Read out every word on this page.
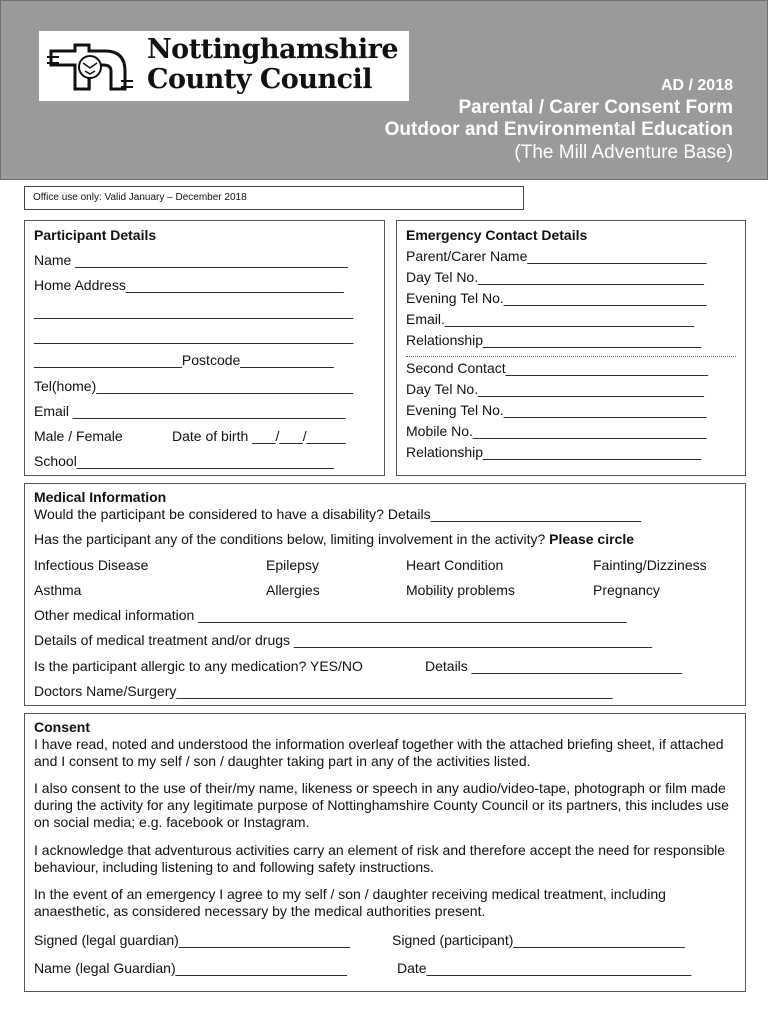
Nottinghamshire
County Council	AD / 2018
Parental / Carer Consent Form
Outdoor and Environmental Education
(The Mill Adventure Base)
Office use only: Valid January – December 2018
Participant Details
Name ___________________________________
Home Address____________________________
_________________________________________
_________________________________________
___________________Postcode____________
Tel(home)_________________________________
Email ___________________________________
Male / Female	Date of birth ___/___/_____
School_________________________________
Emergency Contact Details
Parent/Carer Name_______________________
Day Tel No._____________________________
Evening Tel No.__________________________
Email.________________________________
Relationship____________________________
Second Contact__________________________
Day Tel No._____________________________
Evening Tel No.__________________________
Mobile No.______________________________
Relationship____________________________
Medical Information
Would the participant be considered to have a disability? Details___________________________
Has the participant any of the conditions below, limiting involvement in the activity? Please circle
Infectious Disease	Epilepsy	Heart Condition	Fainting/Dizziness
Asthma	Allergies	Mobility problems	Pregnancy
Other medical information _______________________________________________________
Details of medical treatment and/or drugs ______________________________________________
Is the participant allergic to any medication? YES/NO	Details ___________________________
Doctors Name/Surgery________________________________________________________
Consent
I have read, noted and understood the information overleaf together with the attached briefing sheet, if attached and I consent to my self / son / daughter taking part in any of the activities listed.
I also consent to the use of their/my name, likeness or speech in any audio/video-tape, photograph or film made during the activity for any legitimate purpose of Nottinghamshire County Council or its partners, this includes use on social media; e.g. facebook or Instagram.
I acknowledge that adventurous activities carry an element of risk and therefore accept the need for responsible behaviour, including listening to and following safety instructions.
In the event of an emergency I agree to my self / son / daughter receiving medical treatment, including anaesthetic, as considered necessary by the medical authorities present.
Signed (legal guardian)______________________	Signed (participant)______________________
Name (legal Guardian)______________________	Date__________________________________
